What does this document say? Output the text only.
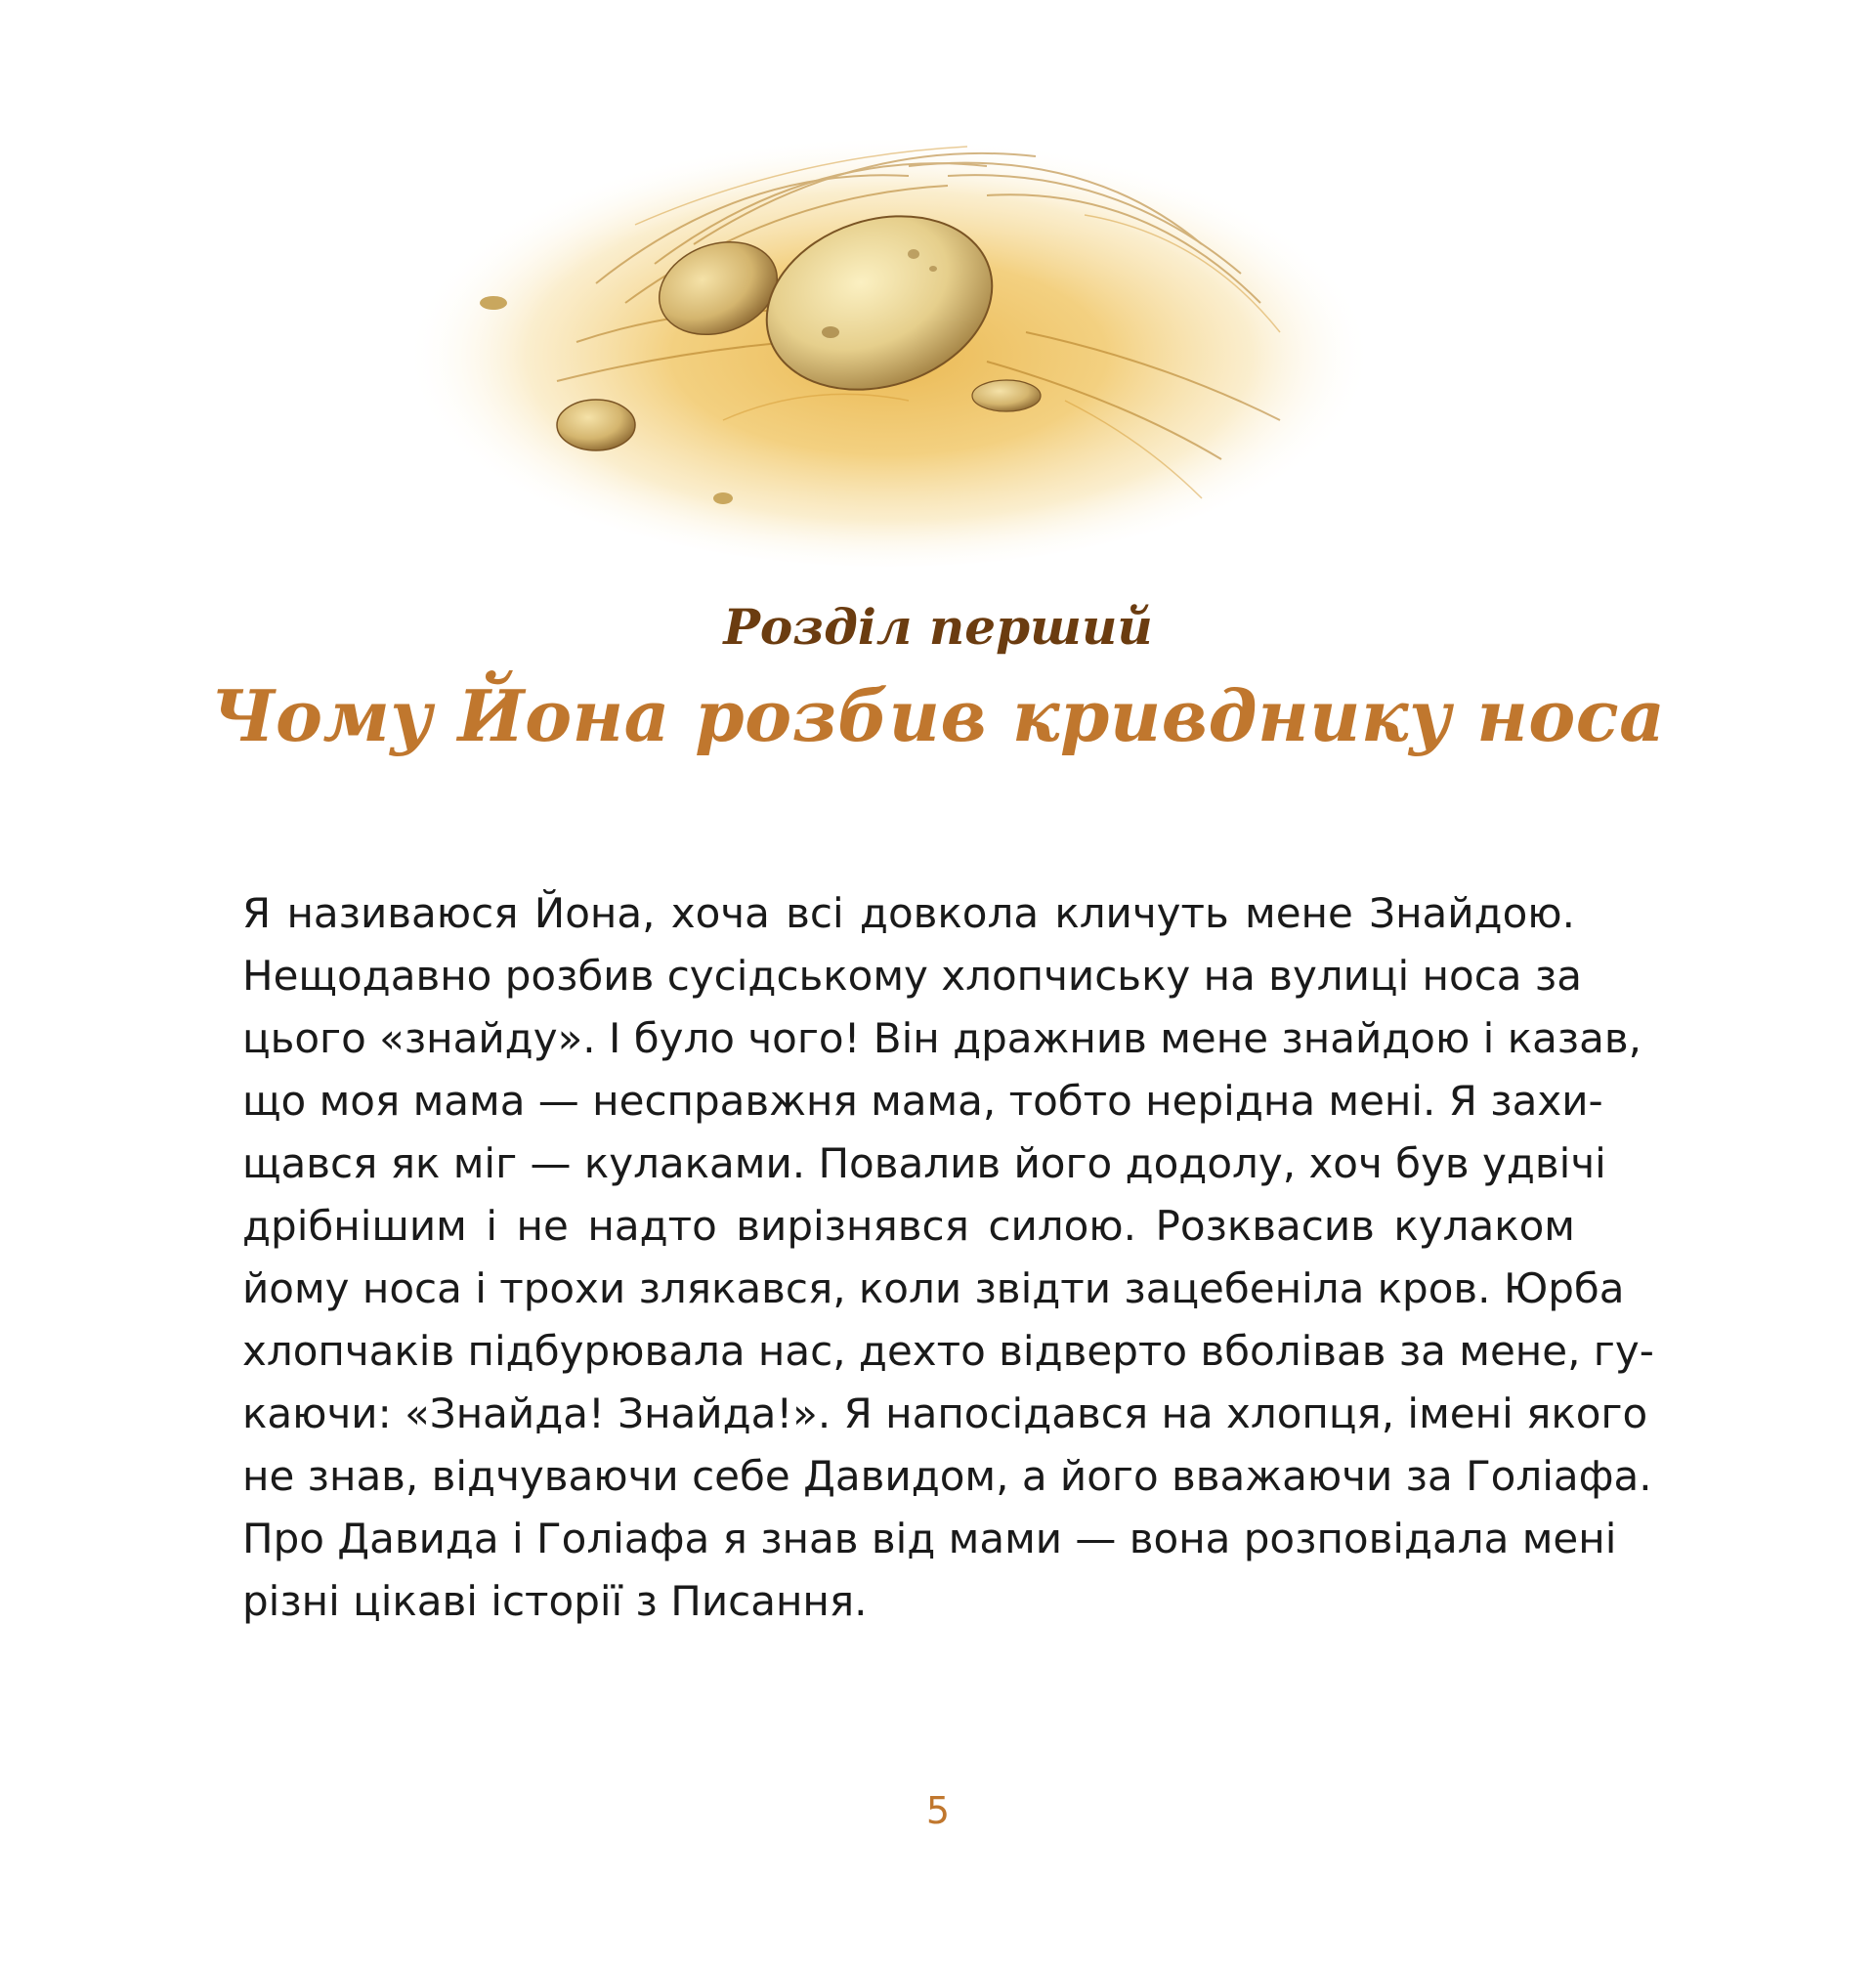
Розділ перший
Чому Йона розбив кривднику носа
Я називаюся Йона, хоча всі довкола кличуть мене Знайдою.
Нещодавно розбив сусідському хлопчиську на вулиці носа за
цього «знайду». І було чого! Він дражнив мене знайдою і казав,
що моя мама — несправжня мама, тобто нерідна мені. Я захи-
щався як міг — кулаками. Повалив його додолу, хоч був удвічі
дрібнішим і не надто вирізнявся силою. Розквасив кулаком
йому носа і трохи злякався, коли звідти зацебеніла кров. Юрба
хлопчаків підбурювала нас, дехто відверто вболівав за мене, гу-
каючи: «Знайда! Знайда!». Я напосідався на хлопця, імені якого
не знав, відчуваючи себе Давидом, а його вважаючи за Голіафа.
Про Давида і Голіафа я знав від мами — вона розповідала мені
різні цікаві історії з Писання.
5
